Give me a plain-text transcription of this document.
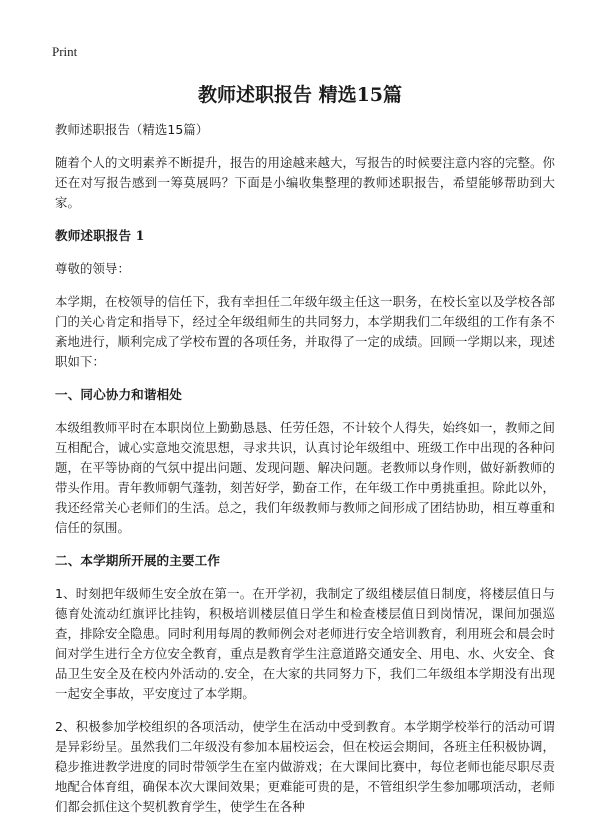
Print
教师述职报告 精选15篇

教师述职报告（精选15篇）

随着个人的文明素养不断提升，报告的用途越来越大，写报告的时候要注意内容的完整。你还在对写报告感到一筹莫展吗？下面是小编收集整理的教师述职报告，希望能够帮助到大家。

教师述职报告 1

尊敬的领导：

本学期，在校领导的信任下，我有幸担任二年级年级主任这一职务，在校长室以及学校各部门的关心肯定和指导下，经过全年级组师生的共同努力，本学期我们二年级组的工作有条不紊地进行，顺利完成了学校布置的各项任务，并取得了一定的成绩。回顾一学期以来，现述职如下：

一、同心协力和谐相处

本级组教师平时在本职岗位上勤勤恳恳、任劳任怨，不计较个人得失，始终如一，教师之间互相配合，诚心实意地交流思想，寻求共识，认真讨论年级组中、班级工作中出现的各种问题，在平等协商的气氛中提出问题、发现问题、解决问题。老教师以身作则，做好新教师的带头作用。青年教师朝气蓬勃，刻苦好学，勤奋工作，在年级工作中勇挑重担。除此以外，我还经常关心老师们的生活。总之，我们年级教师与教师之间形成了团结协助，相互尊重和信任的氛围。

二、本学期所开展的主要工作

1、时刻把年级师生安全放在第一。在开学初，我制定了级组楼层值日制度，将楼层值日与德育处流动红旗评比挂钩，积极培训楼层值日学生和检查楼层值日到岗情况，课间加强巡查，排除安全隐患。同时利用每周的教师例会对老师进行安全培训教育，利用班会和晨会时间对学生进行全方位安全教育，重点是教育学生注意道路交通安全、用电、水、火安全、食品卫生安全及在校内外活动的.安全，在大家的共同努力下，我们二年级组本学期没有出现一起安全事故，平安度过了本学期。

2、积极参加学校组织的各项活动，使学生在活动中受到教育。本学期学校举行的活动可谓是异彩纷呈。虽然我们二年级没有参加本届校运会，但在校运会期间，各班主任积极协调，稳步推进教学进度的同时带领学生在室内做游戏；在大课间比赛中，每位老师也能尽职尽责地配合体育组，确保本次大课间效果；更难能可贵的是，不管组织学生参加哪项活动，老师们都会抓住这个契机教育学生，使学生在各种
